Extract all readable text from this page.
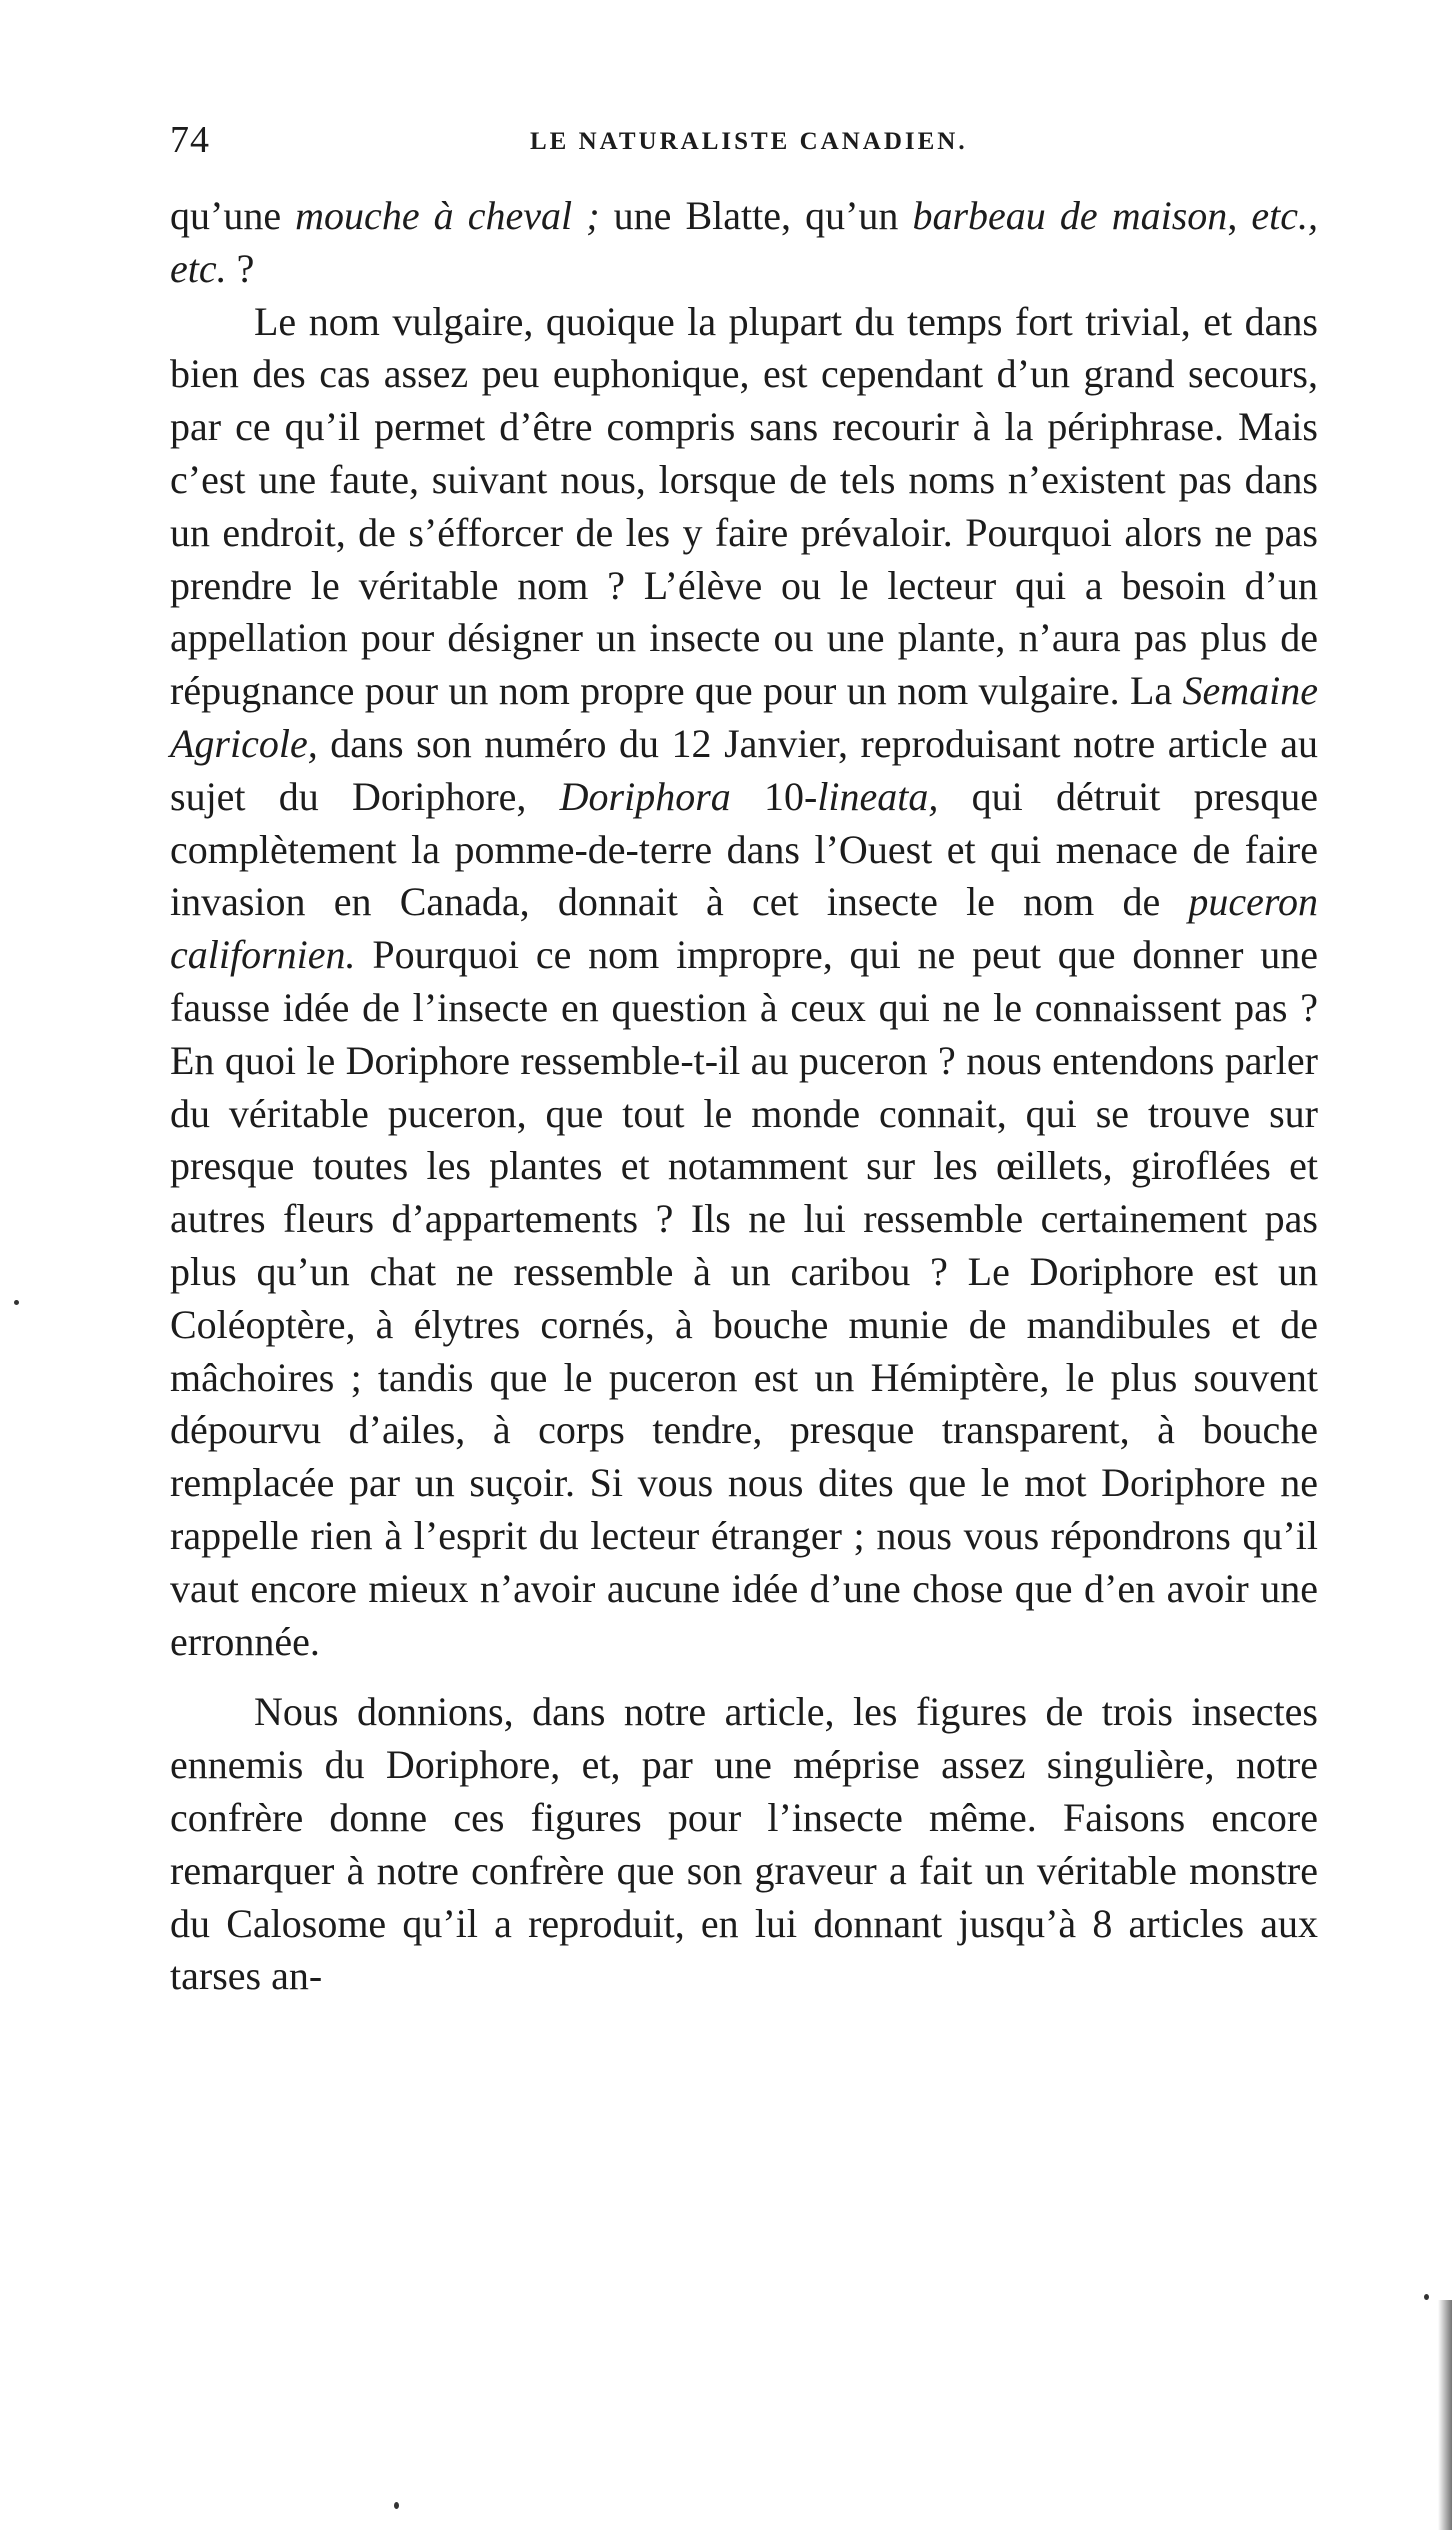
74	LE NATURALISTE CANADIEN.

qu’une mouche à cheval ; une Blatte, qu’un barbeau de maison, etc., etc. ?

Le nom vulgaire, quoique la plupart du temps fort trivial, et dans bien des cas assez peu euphonique, est cependant d’un grand secours, par ce qu’il permet d’être compris sans recourir à la périphrase. Mais c’est une faute, suivant nous, lorsque de tels noms n’existent pas dans un endroit, de s’éfforcer de les y faire prévaloir. Pourquoi alors ne pas prendre le véritable nom ? L’élève ou le lecteur qui a besoin d’un appellation pour désigner un insecte ou une plante, n’aura pas plus de répugnance pour un nom propre que pour un nom vulgaire. La Semaine Agricole, dans son numéro du 12 Janvier, reproduisant notre article au sujet du Doriphore, Doriphora 10-lineata, qui détruit presque complètement la pomme-de-terre dans l’Ouest et qui menace de faire invasion en Canada, donnait à cet insecte le nom de puceron californien. Pourquoi ce nom impropre, qui ne peut que donner une fausse idée de l’insecte en question à ceux qui ne le connaissent pas ? En quoi le Doriphore ressemble-t-il au puceron ? nous entendons parler du véritable puceron, que tout le monde connait, qui se trouve sur presque toutes les plantes et notamment sur les œillets, giroflées et autres fleurs d’appartements ? Ils ne lui ressemble certainement pas plus qu’un chat ne ressemble à un caribou ? Le Doriphore est un Coléoptère, à élytres cornés, à bouche munie de mandibules et de mâchoires ; tandis que le puceron est un Hémiptère, le plus souvent dépourvu d’ailes, à corps tendre, presque transparent, à bouche remplacée par un suçoir. Si vous nous dites que le mot Doriphore ne rappelle rien à l’esprit du lecteur étranger ; nous vous répondrons qu’il vaut encore mieux n’avoir aucune idée d’une chose que d’en avoir une erronnée.

Nous donnions, dans notre article, les figures de trois insectes ennemis du Doriphore, et, par une méprise assez singulière, notre confrère donne ces figures pour l’insecte même. Faisons encore remarquer à notre confrère que son graveur a fait un véritable monstre du Calosome qu’il a reproduit, en lui donnant jusqu’à 8 articles aux tarses an-
